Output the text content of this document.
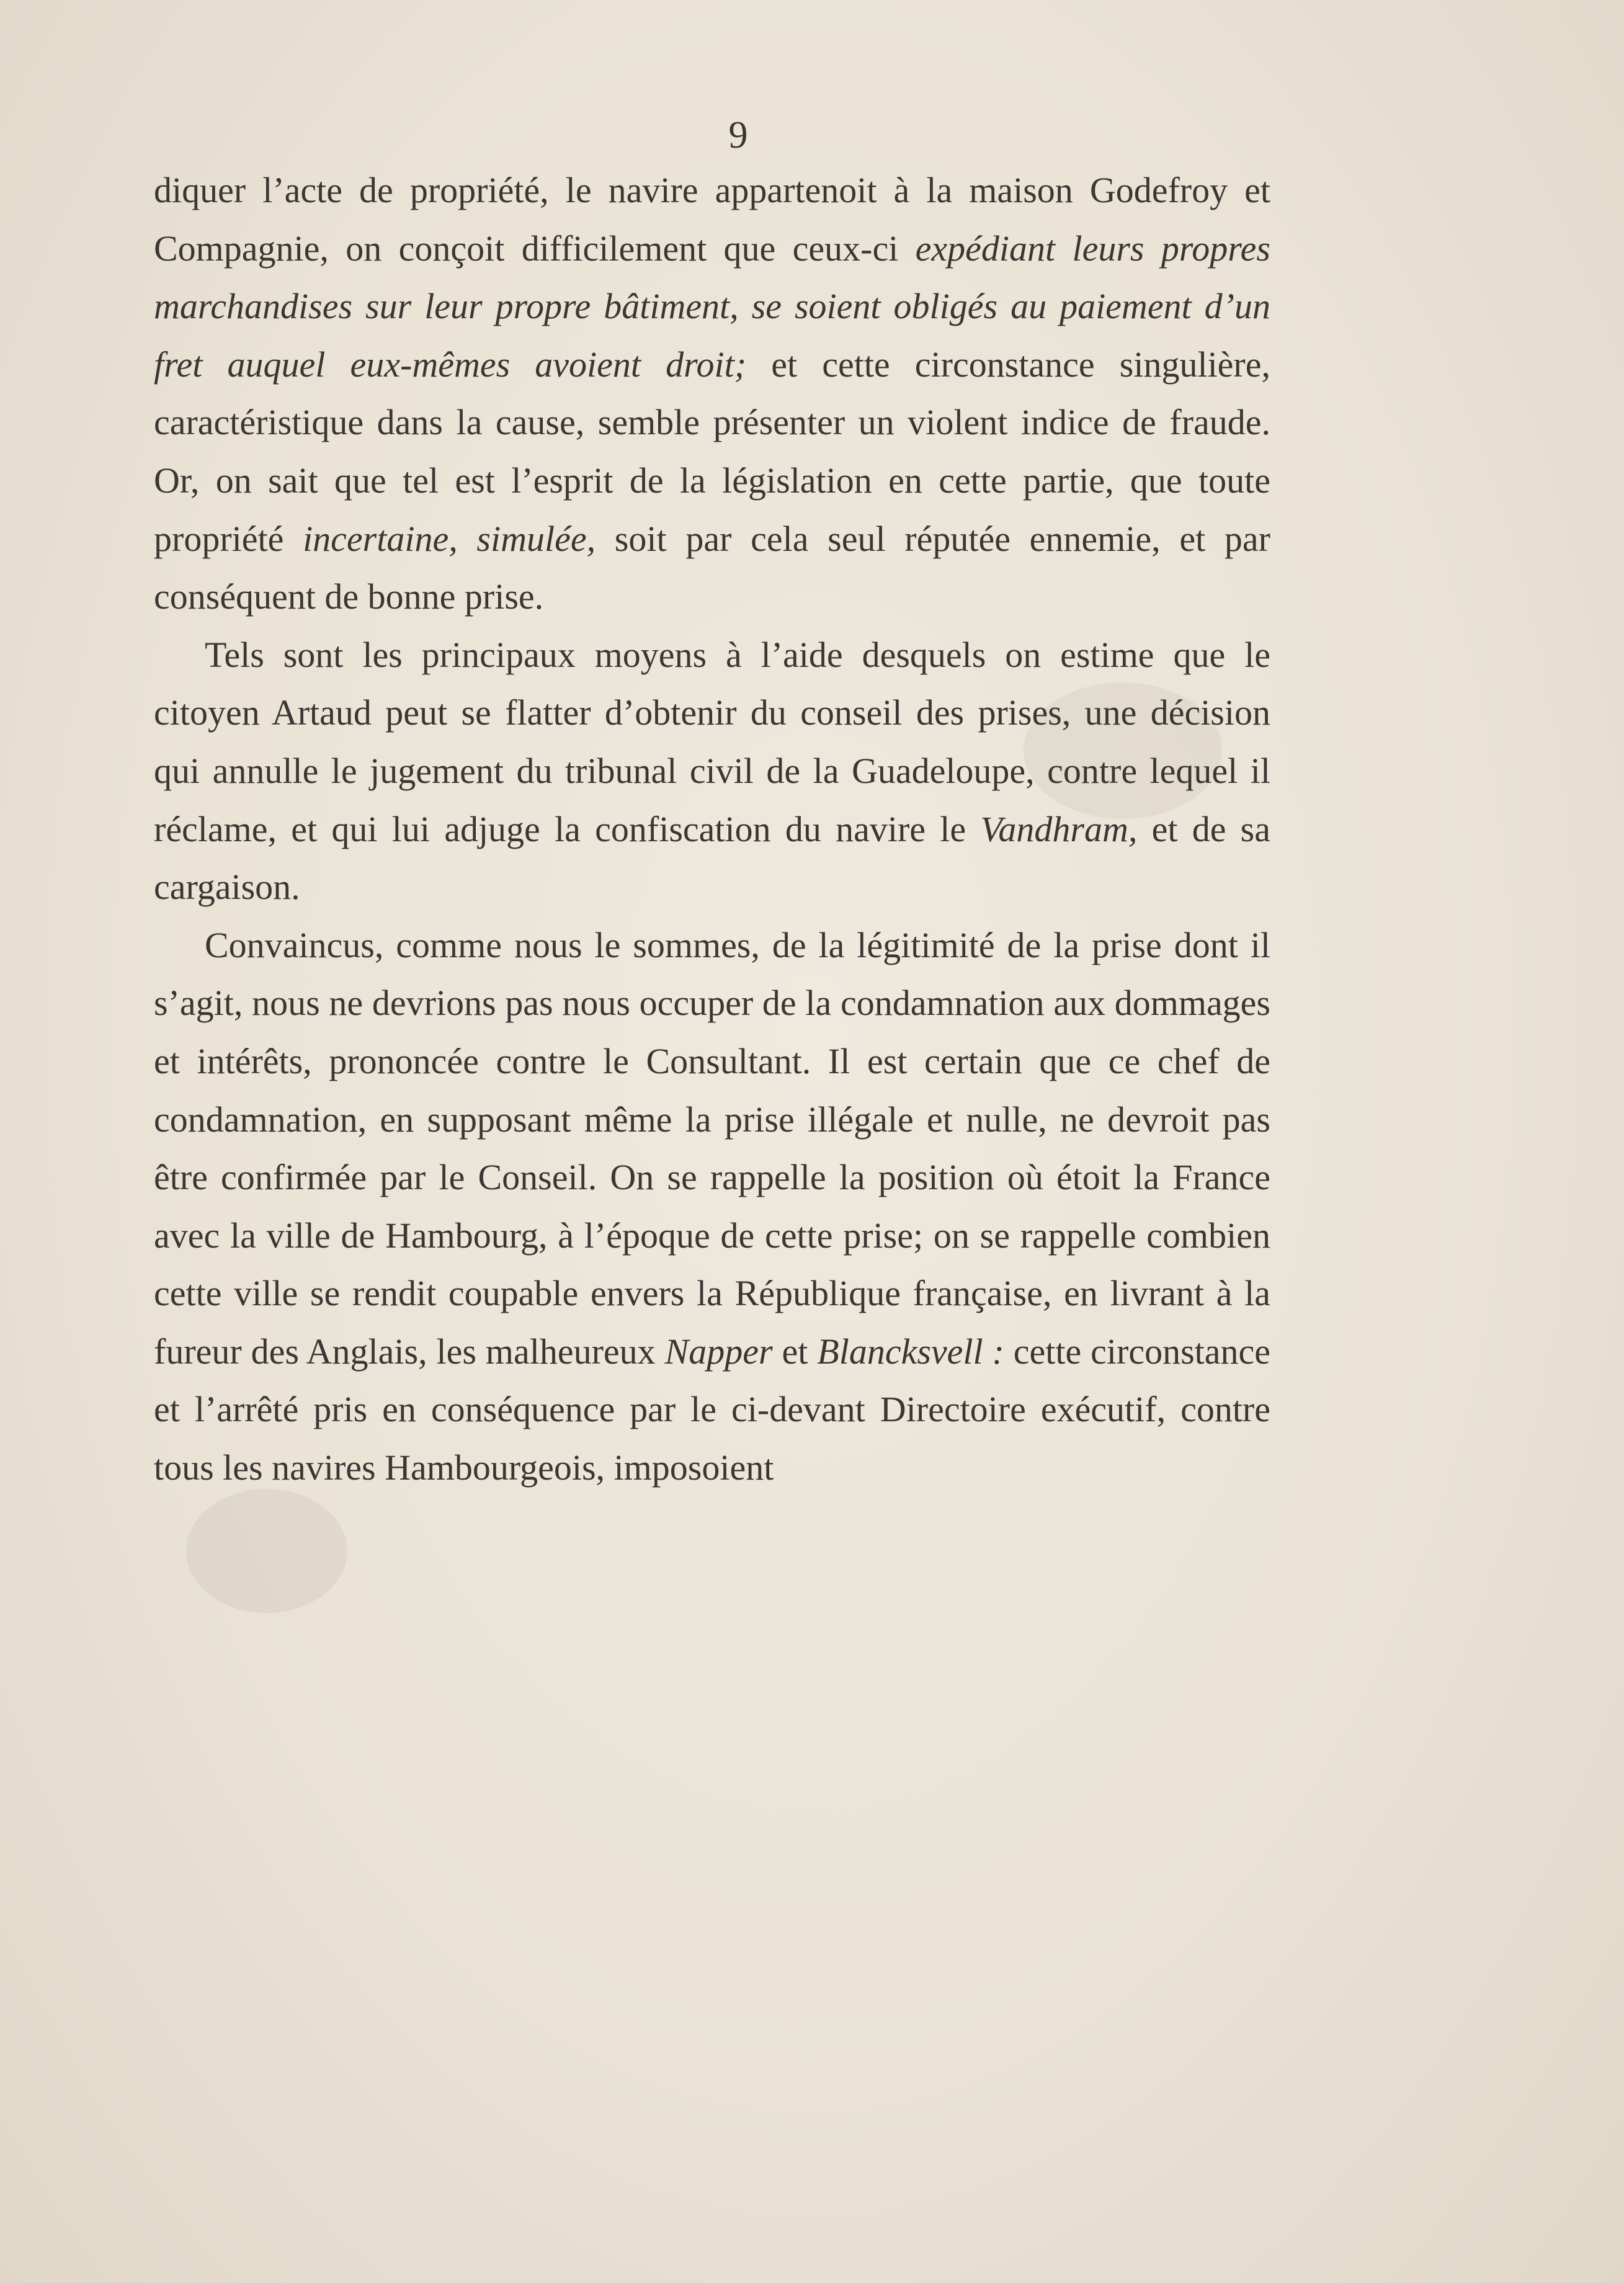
9

diquer l’acte de propriété, le navire appartenoit à la maison Godefroy et Compagnie, on conçoit difficilement que ceux-ci expédiant leurs propres marchandises sur leur propre bâtiment, se soient obligés au paiement d’un fret auquel eux-mêmes avoient droit; et cette circonstance singulière, caractéristique dans la cause, semble présenter un violent indice de fraude. Or, on sait que tel est l’esprit de la législation en cette partie, que toute propriété incertaine, simulée, soit par cela seul réputée ennemie, et par conséquent de bonne prise.

Tels sont les principaux moyens à l’aide desquels on estime que le citoyen Artaud peut se flatter d’obtenir du conseil des prises, une décision qui annulle le jugement du tribunal civil de la Guadeloupe, contre lequel il réclame, et qui lui adjuge la confiscation du navire le Vandhram, et de sa cargaison.

Convaincus, comme nous le sommes, de la légitimité de la prise dont il s’agit, nous ne devrions pas nous occuper de la condamnation aux dommages et intérêts, prononcée contre le Consultant. Il est certain que ce chef de condamnation, en supposant même la prise illégale et nulle, ne devroit pas être confirmée par le Conseil. On se rappelle la position où étoit la France avec la ville de Hambourg, à l’époque de cette prise; on se rappelle combien cette ville se rendit coupable envers la République française, en livrant à la fureur des Anglais, les malheureux Napper et Blancksvell : cette circonstance et l’arrêté pris en conséquence par le ci-devant Directoire exécutif, contre tous les navires Hambourgeois, imposoient
